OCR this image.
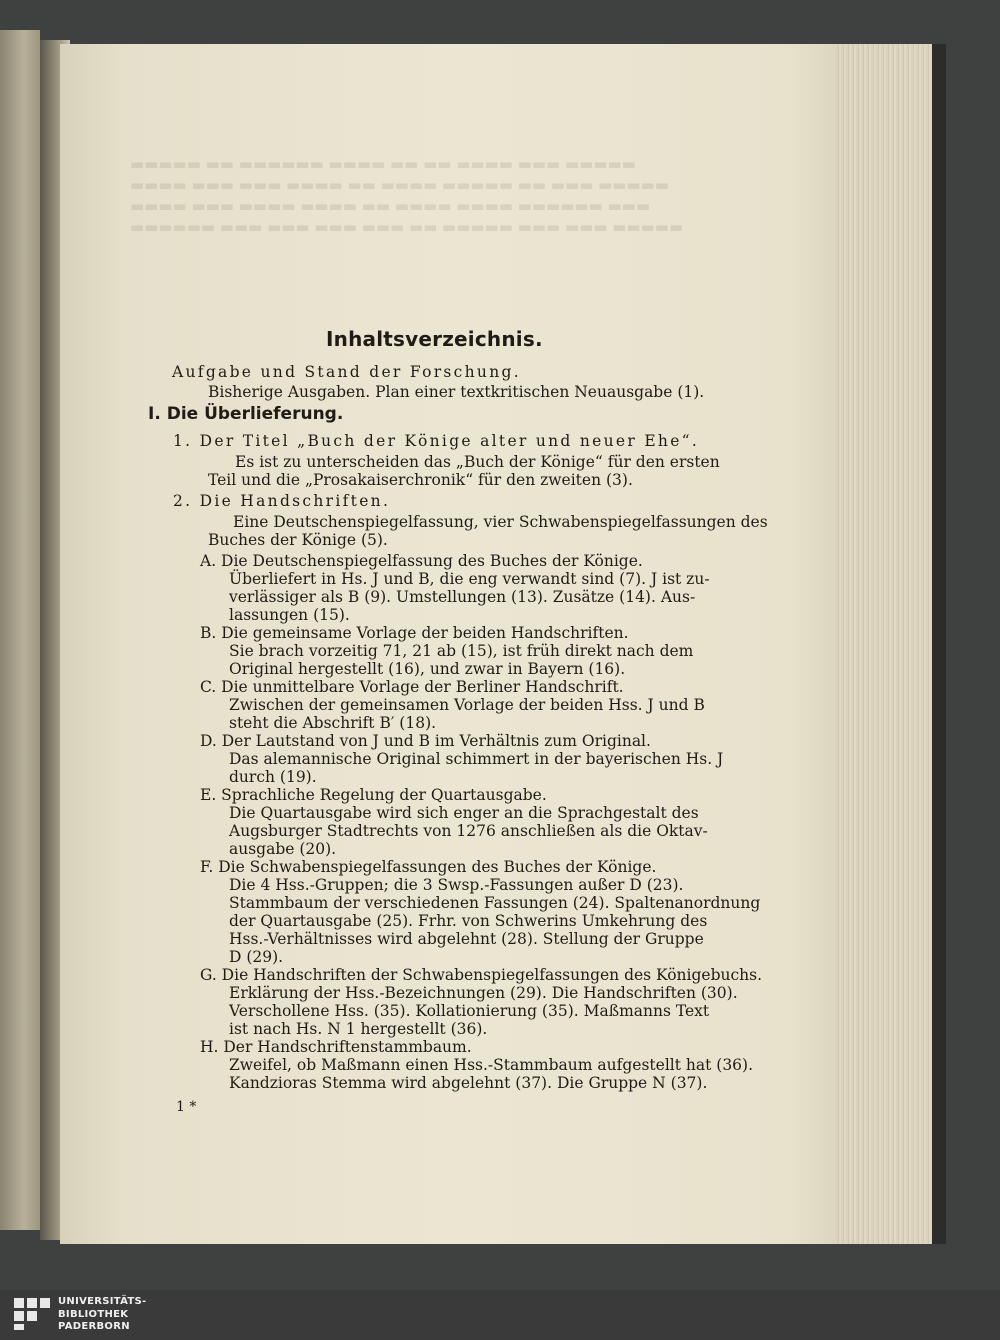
▬▬▬▬▬ ▬▬ ▬▬▬▬▬▬ ▬▬▬▬ ▬▬ ▬▬ ▬▬▬▬ ▬▬▬ ▬▬▬▬▬
▬▬▬▬ ▬▬▬ ▬▬▬ ▬▬▬▬ ▬▬ ▬▬▬▬ ▬▬▬▬▬ ▬▬ ▬▬▬ ▬▬▬▬▬
▬▬▬▬ ▬▬▬ ▬▬▬▬ ▬▬▬▬ ▬▬ ▬▬▬▬ ▬▬▬▬ ▬▬▬▬▬▬ ▬▬▬
▬▬▬▬▬▬ ▬▬▬ ▬▬▬ ▬▬▬ ▬▬▬ ▬▬ ▬▬▬▬▬ ▬▬▬ ▬▬▬ ▬▬▬▬▬
Inhaltsverzeichnis.
Aufgabe und Stand der Forschung.
Bisherige Ausgaben. Plan einer textkritischen Neuausgabe (1).
I. Die Überlieferung.
1. Der Titel „Buch der Könige alter und neuer Ehe“.
Es ist zu unterscheiden das „Buch der Könige“ für den ersten
Teil und die „Prosakaiserchronik“ für den zweiten (3).
2. Die Handschriften.
Eine Deutschenspiegelfassung, vier Schwabenspiegelfassungen des
Buches der Könige (5).
A. Die Deutschenspiegelfassung des Buches der Könige.
Überliefert in Hs. J und B, die eng verwandt sind (7). J ist zu-
verlässiger als B (9). Umstellungen (13). Zusätze (14). Aus-
lassungen (15).
B. Die gemeinsame Vorlage der beiden Handschriften.
Sie brach vorzeitig 71, 21 ab (15), ist früh direkt nach dem
Original hergestellt (16), und zwar in Bayern (16).
C. Die unmittelbare Vorlage der Berliner Handschrift.
Zwischen der gemeinsamen Vorlage der beiden Hss. J und B
steht die Abschrift B′ (18).
D. Der Lautstand von J und B im Verhältnis zum Original.
Das alemannische Original schimmert in der bayerischen Hs. J
durch (19).
E. Sprachliche Regelung der Quartausgabe.
Die Quartausgabe wird sich enger an die Sprachgestalt des
Augsburger Stadtrechts von 1276 anschließen als die Oktav-
ausgabe (20).
F. Die Schwabenspiegelfassungen des Buches der Könige.
Die 4 Hss.-Gruppen; die 3 Swsp.-Fassungen außer D (23).
Stammbaum der verschiedenen Fassungen (24). Spaltenanordnung
der Quartausgabe (25). Frhr. von Schwerins Umkehrung des
Hss.-Verhältnisses wird abgelehnt (28). Stellung der Gruppe
D (29).
G. Die Handschriften der Schwabenspiegelfassungen des Königebuchs.
Erklärung der Hss.-Bezeichnungen (29). Die Handschriften (30).
Verschollene Hss. (35). Kollationierung (35). Maßmanns Text
ist nach Hs. N 1 hergestellt (36).
H. Der Handschriftenstammbaum.
Zweifel, ob Maßmann einen Hss.-Stammbaum aufgestellt hat (36).
Kandzioras Stemma wird abgelehnt (37). Die Gruppe N (37).
1 *
UNIVERSITÄTS-
BIBLIOTHEK
PADERBORN
